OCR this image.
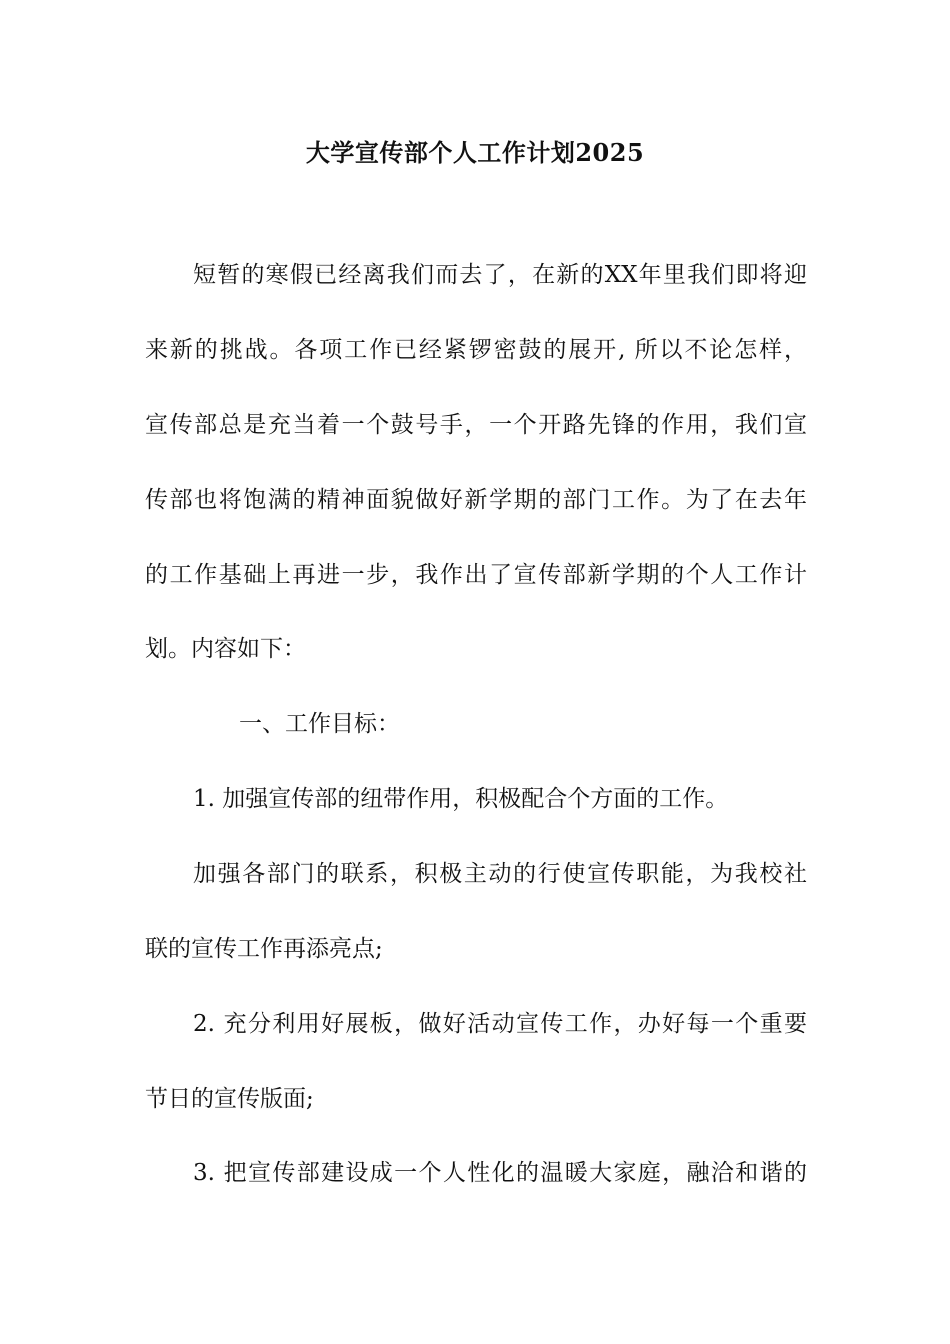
大学宣传部个人工作计划2025
短暂的寒假已经离我们而去了，在新的XX年里我们即将迎
来新的挑战。各项工作已经紧锣密鼓的展开, 所以不论怎样，
宣传部总是充当着一个鼓号手，一个开路先锋的作用，我们宣
传部也将饱满的精神面貌做好新学期的部门工作。为了在去年
的工作基础上再进一步，我作出了宣传部新学期的个人工作计
划。内容如下：
一、工作目标：
1. 加强宣传部的纽带作用，积极配合个方面的工作。
加强各部门的联系，积极主动的行使宣传职能，为我校社
联的宣传工作再添亮点;
2. 充分利用好展板，做好活动宣传工作，办好每一个重要
节日的宣传版面;
3. 把宣传部建设成一个人性化的温暖大家庭，融洽和谐的
